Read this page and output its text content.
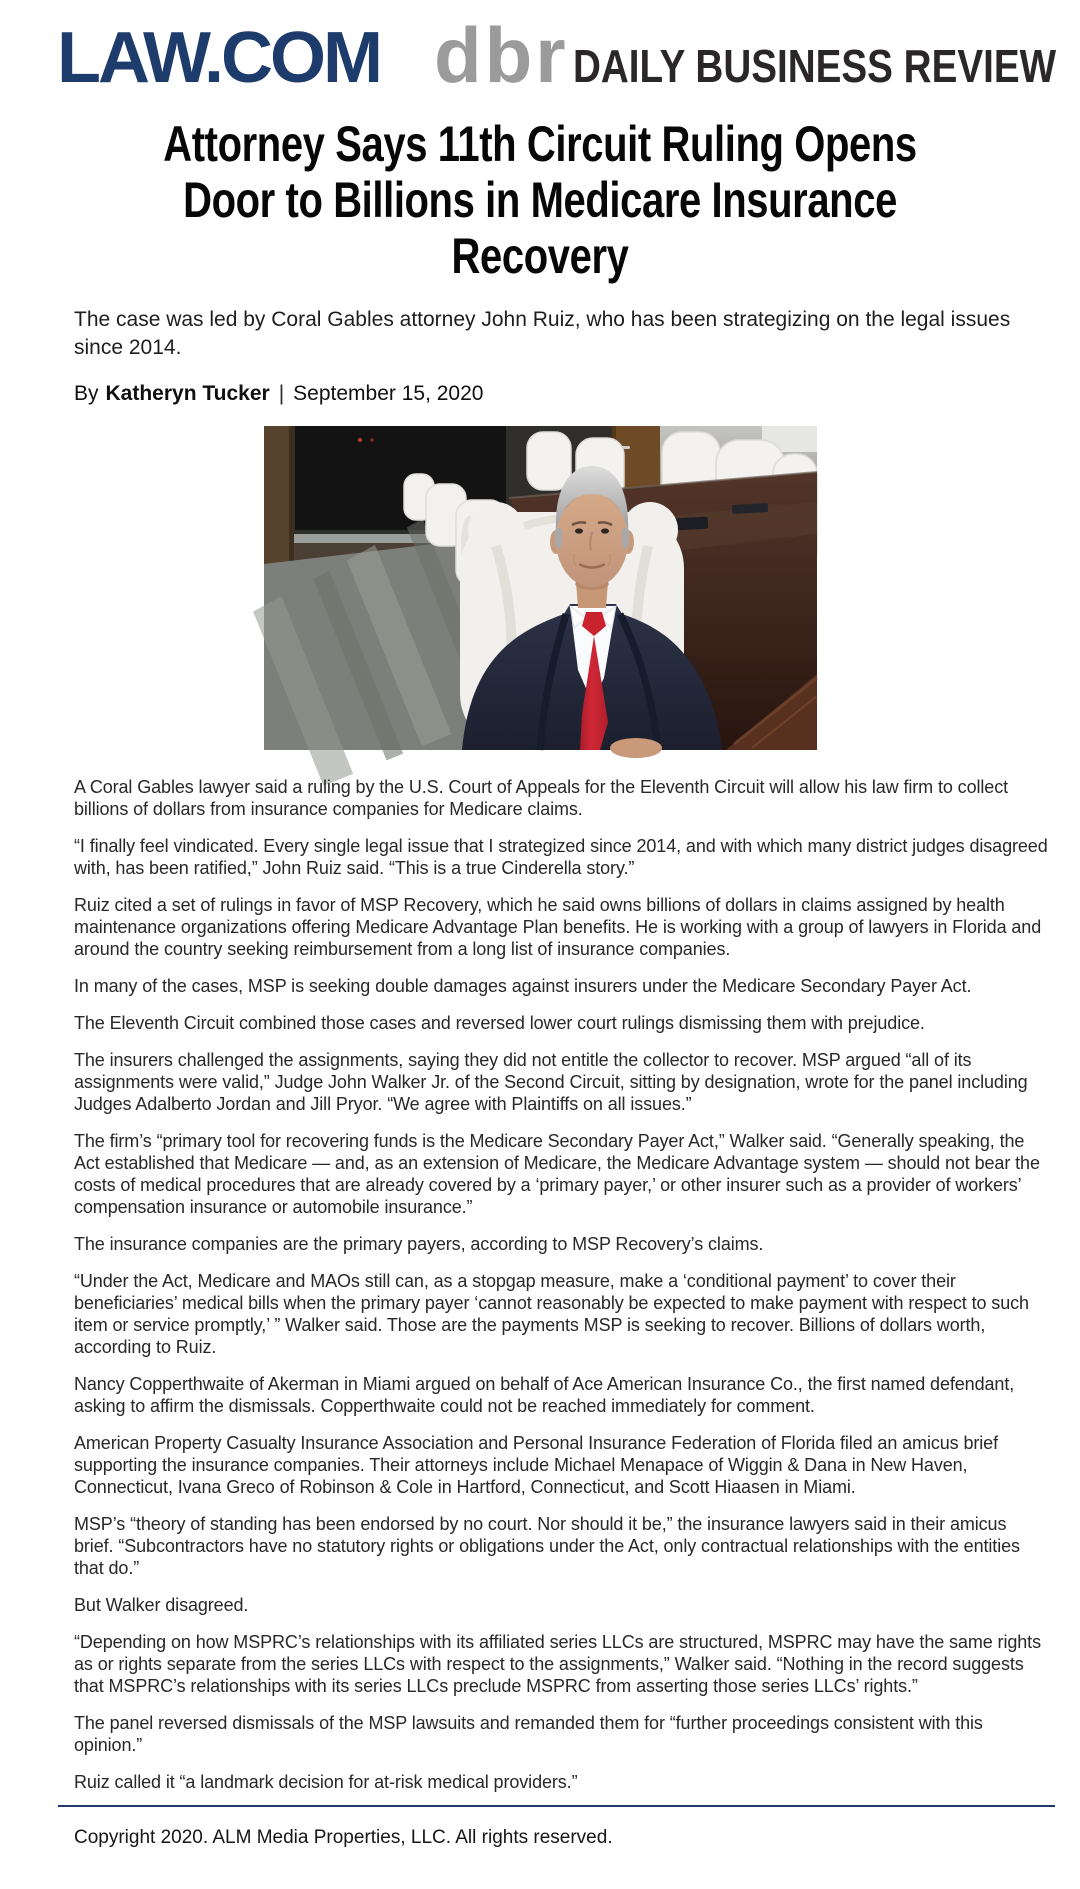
LAW.COM dbr DAILY BUSINESS REVIEW
Attorney Says 11th Circuit Ruling Opens Door to Billions in Medicare Insurance Recovery

The case was led by Coral Gables attorney John Ruiz, who has been strategizing on the legal issues since 2014.

By Katheryn Tucker | September 15, 2020

A Coral Gables lawyer said a ruling by the U.S. Court of Appeals for the Eleventh Circuit will allow his law firm to collect billions of dollars from insurance companies for Medicare claims.

“I finally feel vindicated. Every single legal issue that I strategized since 2014, and with which many district judges disagreed with, has been ratified,” John Ruiz said. “This is a true Cinderella story.”

Ruiz cited a set of rulings in favor of MSP Recovery, which he said owns billions of dollars in claims assigned by health maintenance organizations offering Medicare Advantage Plan benefits. He is working with a group of lawyers in Florida and around the country seeking reimbursement from a long list of insurance companies.

In many of the cases, MSP is seeking double damages against insurers under the Medicare Secondary Payer Act.

The Eleventh Circuit combined those cases and reversed lower court rulings dismissing them with prejudice.

The insurers challenged the assignments, saying they did not entitle the collector to recover. MSP argued “all of its assignments were valid,” Judge John Walker Jr. of the Second Circuit, sitting by designation, wrote for the panel including Judges Adalberto Jordan and Jill Pryor. “We agree with Plaintiffs on all issues.”

The firm’s “primary tool for recovering funds is the Medicare Secondary Payer Act,” Walker said. “Generally speaking, the Act established that Medicare — and, as an extension of Medicare, the Medicare Advantage system — should not bear the costs of medical procedures that are already covered by a ‘primary payer,’ or other insurer such as a provider of workers’ compensation insurance or automobile insurance.”

The insurance companies are the primary payers, according to MSP Recovery’s claims.

“Under the Act, Medicare and MAOs still can, as a stopgap measure, make a ‘conditional payment’ to cover their beneficiaries’ medical bills when the primary payer ‘cannot reasonably be expected to make payment with respect to such item or service promptly,’ ” Walker said. Those are the payments MSP is seeking to recover. Billions of dollars worth, according to Ruiz.

Nancy Copperthwaite of Akerman in Miami argued on behalf of Ace American Insurance Co., the first named defendant, asking to affirm the dismissals. Copperthwaite could not be reached immediately for comment.

American Property Casualty Insurance Association and Personal Insurance Federation of Florida filed an amicus brief supporting the insurance companies. Their attorneys include Michael Menapace of Wiggin & Dana in New Haven, Connecticut, Ivana Greco of Robinson & Cole in Hartford, Connecticut, and Scott Hiaasen in Miami.

MSP’s “theory of standing has been endorsed by no court. Nor should it be,” the insurance lawyers said in their amicus brief. “Subcontractors have no statutory rights or obligations under the Act, only contractual relationships with the entities that do.”

But Walker disagreed.

“Depending on how MSPRC’s relationships with its affiliated series LLCs are structured, MSPRC may have the same rights as or rights separate from the series LLCs with respect to the assignments,” Walker said. “Nothing in the record suggests that MSPRC’s relationships with its series LLCs preclude MSPRC from asserting those series LLCs’ rights.”

The panel reversed dismissals of the MSP lawsuits and remanded them for “further proceedings consistent with this opinion.”

Ruiz called it “a landmark decision for at-risk medical providers.”

Copyright 2020. ALM Media Properties, LLC. All rights reserved.
